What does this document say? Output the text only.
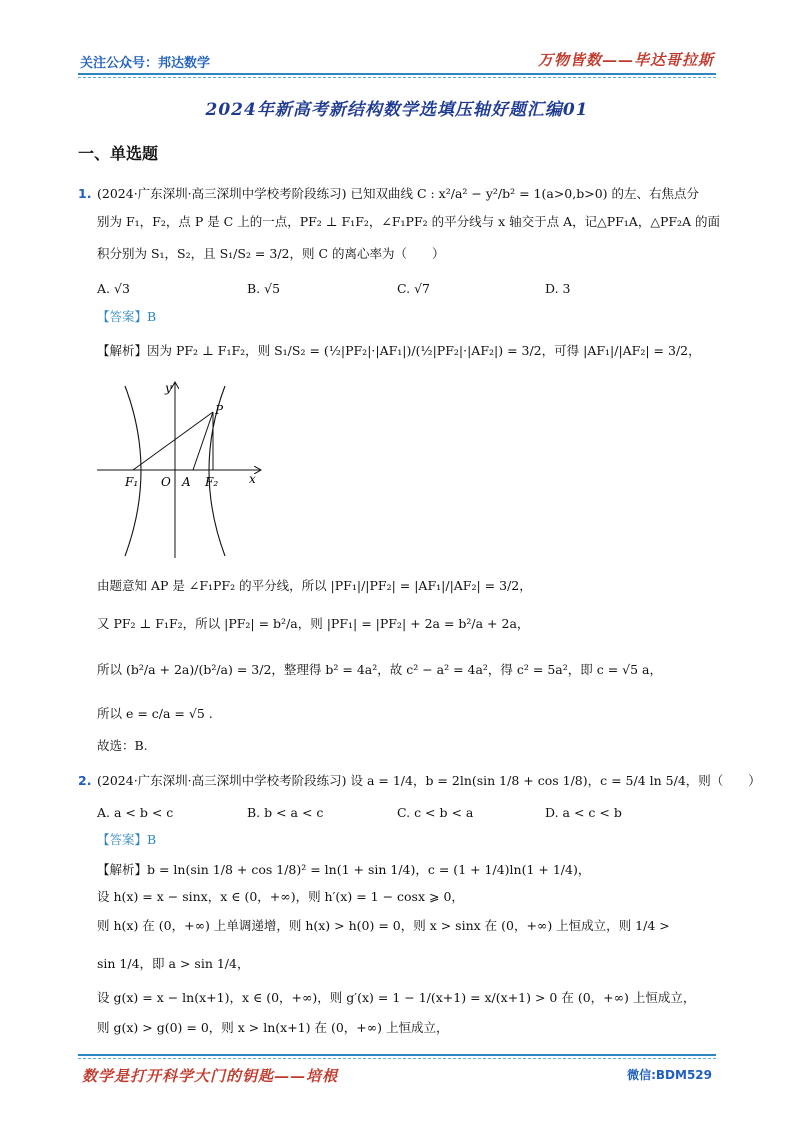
关注公众号：邦达数学	万物皆数——毕达哥拉斯
2024年新高考新结构数学选填压轴好题汇编01
一、单选题
1. (2024·广东深圳·高三深圳中学校考阶段练习) 已知双曲线 C : x²/a² − y²/b² = 1(a>0,b>0) 的左、右焦点分
别为 F₁，F₂，点 P 是 C 上的一点，PF₂ ⊥ F₁F₂，∠F₁PF₂ 的平分线与 x 轴交于点 A，记△PF₁A，△PF₂A 的面
积分别为 S₁，S₂，且 S₁/S₂ = 3/2，则 C 的离心率为（　　）
A. √3	B. √5	C. √7	D. 3
【答案】B
【解析】因为 PF₂ ⊥ F₁F₂，则 S₁/S₂ = (½|PF₂|·|AF₁|)/(½|PF₂|·|AF₂|) = 3/2，可得 |AF₁|/|AF₂| = 3/2，
P
F₁ O A F₂	x
y
由题意知 AP 是 ∠F₁PF₂ 的平分线，所以 |PF₁|/|PF₂| = |AF₁|/|AF₂| = 3/2，
又 PF₂ ⊥ F₁F₂，所以 |PF₂| = b²/a，则 |PF₁| = |PF₂| + 2a = b²/a + 2a，
所以 (b²/a + 2a)/(b²/a) = 3/2，整理得 b² = 4a²，故 c² − a² = 4a²，得 c² = 5a²，即 c = √5 a，
所以 e = c/a = √5 .
故选：B.
2. (2024·广东深圳·高三深圳中学校考阶段练习) 设 a = 1/4，b = 2ln(sin 1/8 + cos 1/8)，c = 5/4 ln 5/4，则（　　）
A. a < b < c	B. b < a < c	C. c < b < a	D. a < c < b
【答案】B
【解析】b = ln(sin 1/8 + cos 1/8)² = ln(1 + sin 1/4)，c = (1 + 1/4)ln(1 + 1/4)，
设 h(x) = x − sinx，x ∈ (0，+∞)，则 h′(x) = 1 − cosx ⩾ 0，
则 h(x) 在 (0，+∞) 上单调递增，则 h(x) > h(0) = 0，则 x > sinx 在 (0，+∞) 上恒成立，则 1/4 >
sin 1/4，即 a > sin 1/4，
设 g(x) = x − ln(x+1)，x ∈ (0，+∞)，则 g′(x) = 1 − 1/(x+1) = x/(x+1) > 0 在 (0，+∞) 上恒成立，
则 g(x) > g(0) = 0，则 x > ln(x+1) 在 (0，+∞) 上恒成立，
数学是打开科学大门的钥匙——培根	微信:BDM529
